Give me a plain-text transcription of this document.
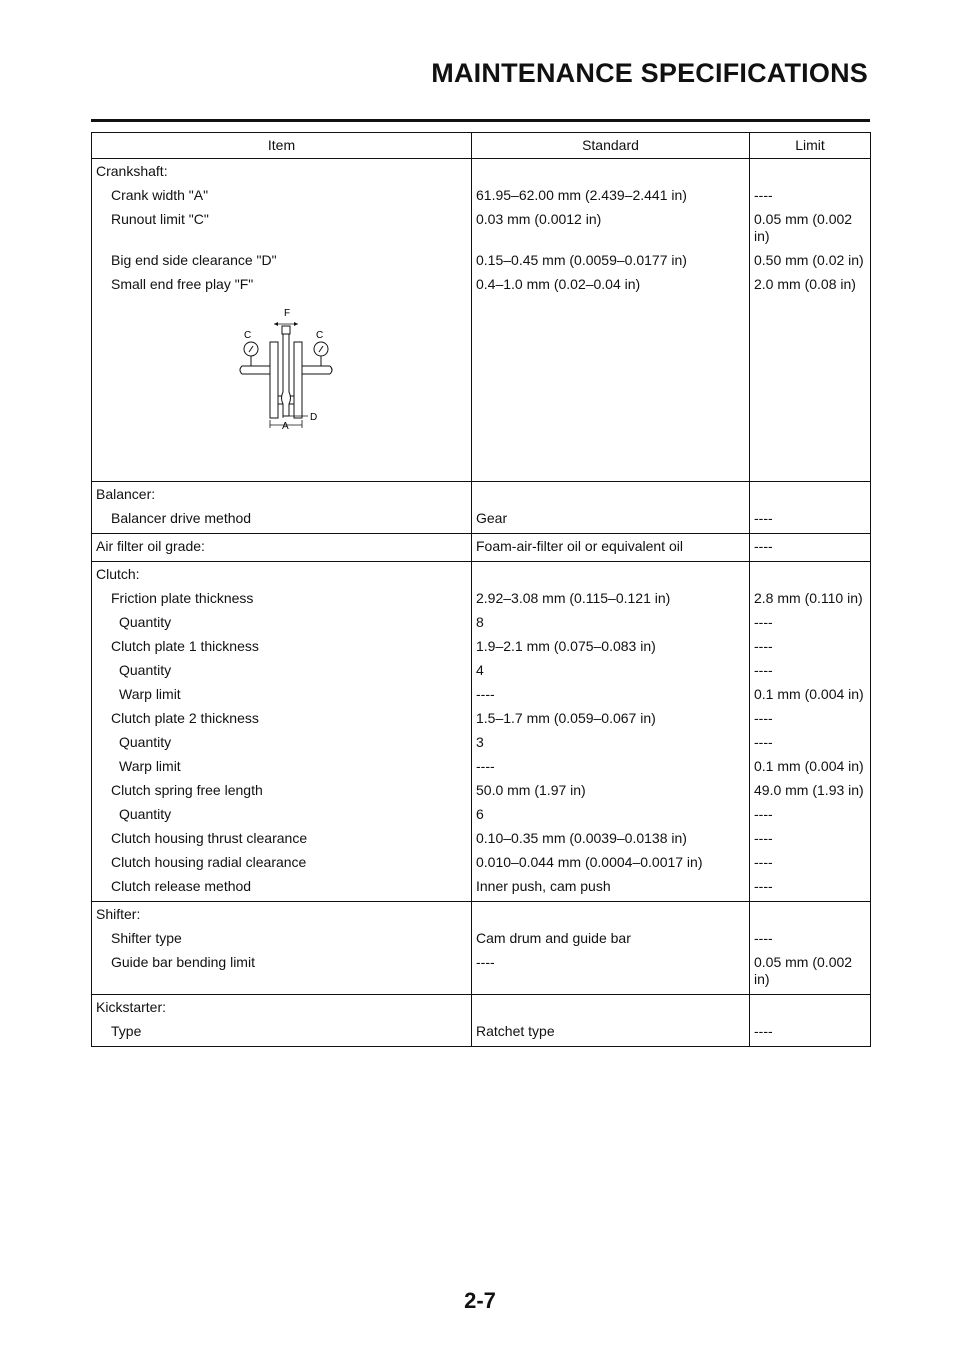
MAINTENANCE SPECIFICATIONS
Item	Standard	Limit
Crankshaft:		
Crank width "A"	61.95–62.00 mm (2.439–2.441 in)	----
Runout limit "C"	0.03 mm (0.0012 in)	0.05 mm (0.002 in)
Big end side clearance "D"	0.15–0.45 mm (0.0059–0.0177 in)	0.50 mm (0.02 in)
Small end free play "F"	0.4–1.0 mm (0.02–0.04 in)	2.0 mm (0.08 in)

F
C C
D
A		

Balancer:		
Balancer drive method	Gear	----
Air filter oil grade:	Foam-air-filter oil or equivalent oil	----
Clutch:		
Friction plate thickness	2.92–3.08 mm (0.115–0.121 in)	2.8 mm (0.110 in)
Quantity	8	----
Clutch plate 1 thickness	1.9–2.1 mm (0.075–0.083 in)	----
Quantity	4	----
Warp limit	----	0.1 mm (0.004 in)
Clutch plate 2 thickness	1.5–1.7 mm (0.059–0.067 in)	----
Quantity	3	----
Warp limit	----	0.1 mm (0.004 in)
Clutch spring free length	50.0 mm (1.97 in)	49.0 mm (1.93 in)
Quantity	6	----
Clutch housing thrust clearance	0.10–0.35 mm (0.0039–0.0138 in)	----
Clutch housing radial clearance	0.010–0.044 mm (0.0004–0.0017 in)	----
Clutch release method	Inner push, cam push	----
Shifter:		
Shifter type	Cam drum and guide bar	----
Guide bar bending limit	----	0.05 mm (0.002 in)
Kickstarter:		
Type	Ratchet type	----
2-7
